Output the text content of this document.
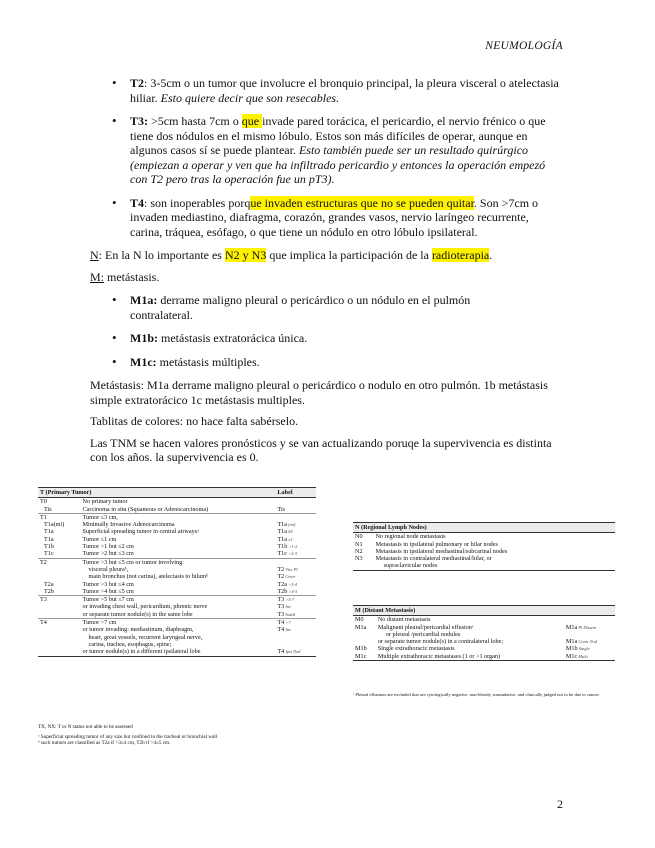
NEUMOLOGÍA
• T2: 3-5cm o un tumor que involucre el bronquio principal, la pleura visceral o atelectasia hiliar. Esto quiere decir que son resecables.
• T3: >5cm hasta 7cm o que invade pared torácica, el pericardio, el nervio frénico o que tiene dos nódulos en el mismo lóbulo. Estos son más difíciles de operar, aunque en algunos casos sí se puede plantear. Esto también puede ser un resultado quirúrgico (empiezan a operar y ven que ha infiltrado pericardio y entonces la operación empezó con T2 pero tras la operación fue un pT3).
• T4: son inoperables porque invaden estructuras que no se pueden quitar. Son >7cm o invaden mediastino, diafragma, corazón, grandes vasos, nervio laríngeo recurrente, carina, tráquea, esófago, o que tiene un nódulo en otro lóbulo ipsilateral.

N: En la N lo importante es N2 y N3 que implica la participación de la radioterapia.

M: metástasis.

• M1a: derrame maligno pleural o pericárdico o un nódulo en el pulmón contralateral.
• M1b: metástasis extratorácica única.
• M1c: metástasis múltiples.

Metástasis: M1a derrame maligno pleural o pericárdico o nodulo en otro pulmón. 1b metástasis simple extratorácico 1c metástasis multiples.

Tablitas de colores: no hace falta sabérselo.

Las TNM se hacen valores pronósticos y se van actualizando poruqe la supervivencia es distinta con los años. la supervivencia es 0.

T (Primary Tumor)		Label
T0	No primary tumor	
Tis	Carcinoma in situ (Squamous or Adenocarcinoma)	Tis
T1	Tumor ≤3 cm,	
T1a(mi)	Minimally Invasive Adenocarcinoma	T1a (mi)
T1a	Superficial spreading tumor in central airwaysᵃ	T1a SS
T1a	Tumor ≤1 cm	T1a ≤1
T1b	Tumor >1 but ≤2 cm	T1b >1-2
T1c	Tumor >2 but ≤3 cm	T1c >2-3
T2	Tumor >3 but ≤5 cm or tumor involving:	
	visceral pleuraᵇ,	T2 Visc Pl
	main bronchus (not carina), atelectasis to hilumᵇ	T2 Centr
T2a	Tumor >3 but ≤4 cm	T2a >3-4
T2b	Tumor >4 but ≤5 cm	T2b >4-5
T3	Tumor >5 but ≤7 cm	T3 >5-7
	or invading chest wall, pericardium, phrenic nerve	T3 Inv
	or separate tumor nodule(s) in the same lobe	T3 Satell
T4	Tumor >7 cm	T4 >7
	or tumor invading: mediastinum, diaphragm,	T4 Inv
	heart, great vessels, recurrent laryngeal nerve,	
	carina, trachea, esophagus, spine;	
	or tumor nodule(s) in a different ipsilateral lobe	T4 Ipsi Nod
TX, NX: T or N status not able to be assessed
ᵃ Superficial spreading tumor of any size but confined to the tracheal or bronchial wall
ᵇ such tumors are classified as T2a if >3≤4 cm, T2b if >4≤5 cm.
N (Regional Lymph Nodes)	
N0	No regional node metastasis
N1	Metastasis in ipsilateral pulmonary or hilar nodes
N2	Metastasis in ipsilateral mediastinal/subcarinal nodes
N3	Metastasis in contralateral mediastinal/hilar, or
	supraclavicular nodes
M (Distant Metastasis)		
M0	No distant metastasis	
M1a	Malignant pleural/pericardial effusionᶜ	M1a Pl Dissem
	or pleural /pericardial nodules	
	or separate tumor nodule(s) in a contralateral lobe;	M1a Contr Nod
M1b	Single extrathoracic metastasis	M1b Single
M1c	Multiple extrathoracic metastases (1 or >1 organ)	M1c Multi
ᶜ Pleural effusions are excluded that are cytologically negative, non-bloody, transudative, and clinically judged not to be due to cancer.
2
